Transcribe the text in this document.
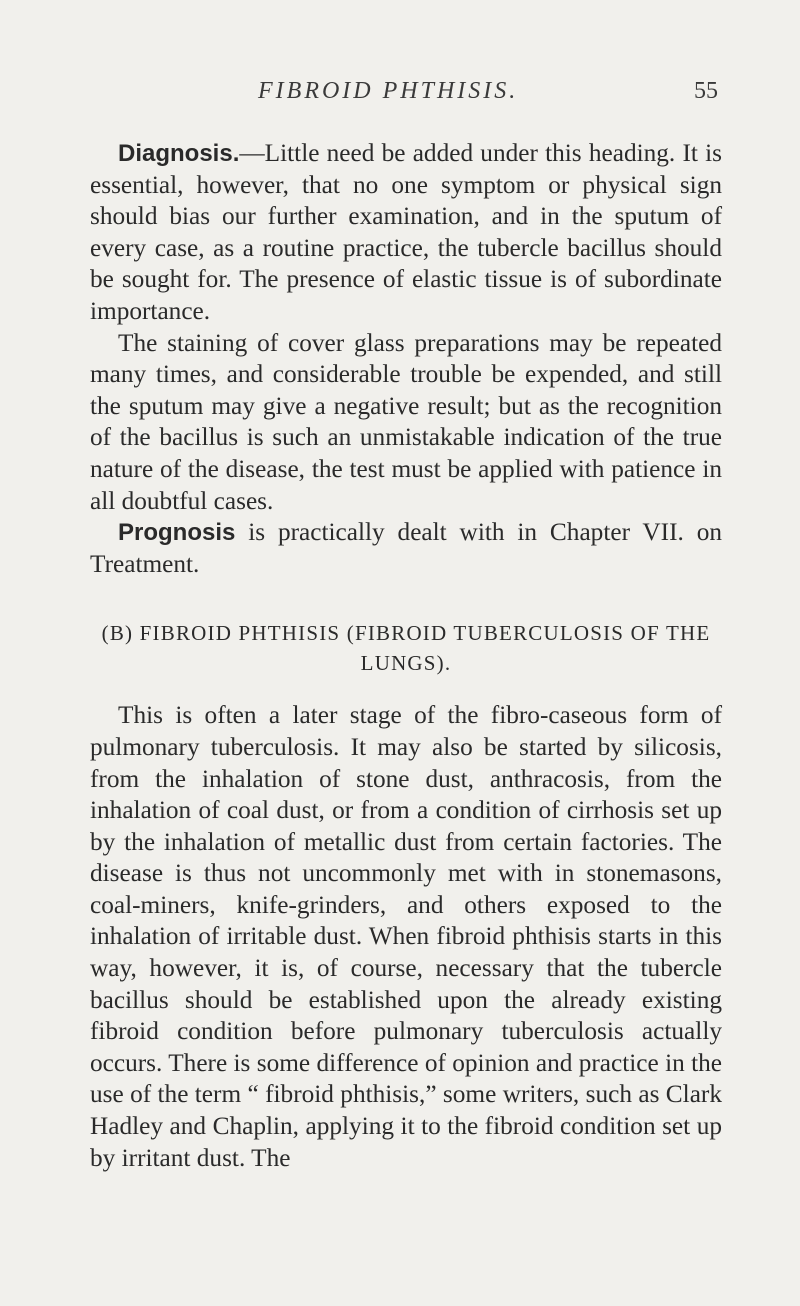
FIBROID PHTHISIS.	55

Diagnosis.—Little need be added under this heading. It is essential, however, that no one symptom or physical sign should bias our further examination, and in the sputum of every case, as a routine practice, the tubercle bacillus should be sought for. The presence of elastic tissue is of subordinate importance.

The staining of cover glass preparations may be repeated many times, and considerable trouble be expended, and still the sputum may give a negative result; but as the recognition of the bacillus is such an unmistakable indication of the true nature of the disease, the test must be applied with patience in all doubtful cases.

Prognosis is practically dealt with in Chapter VII. on Treatment.

(B) FIBROID PHTHISIS (FIBROID TUBERCULOSIS OF THE LUNGS).

This is often a later stage of the fibro-caseous form of pulmonary tuberculosis. It may also be started by silicosis, from the inhalation of stone dust, anthracosis, from the inhalation of coal dust, or from a condition of cirrhosis set up by the inhalation of metallic dust from certain factories. The disease is thus not uncommonly met with in stonemasons, coal-miners, knife-grinders, and others exposed to the inhalation of irritable dust. When fibroid phthisis starts in this way, however, it is, of course, necessary that the tubercle bacillus should be established upon the already existing fibroid condition before pulmonary tuberculosis actually occurs. There is some difference of opinion and practice in the use of the term “ fibroid phthisis,” some writers, such as Clark Hadley and Chaplin, applying it to the fibroid condition set up by irritant dust. The
